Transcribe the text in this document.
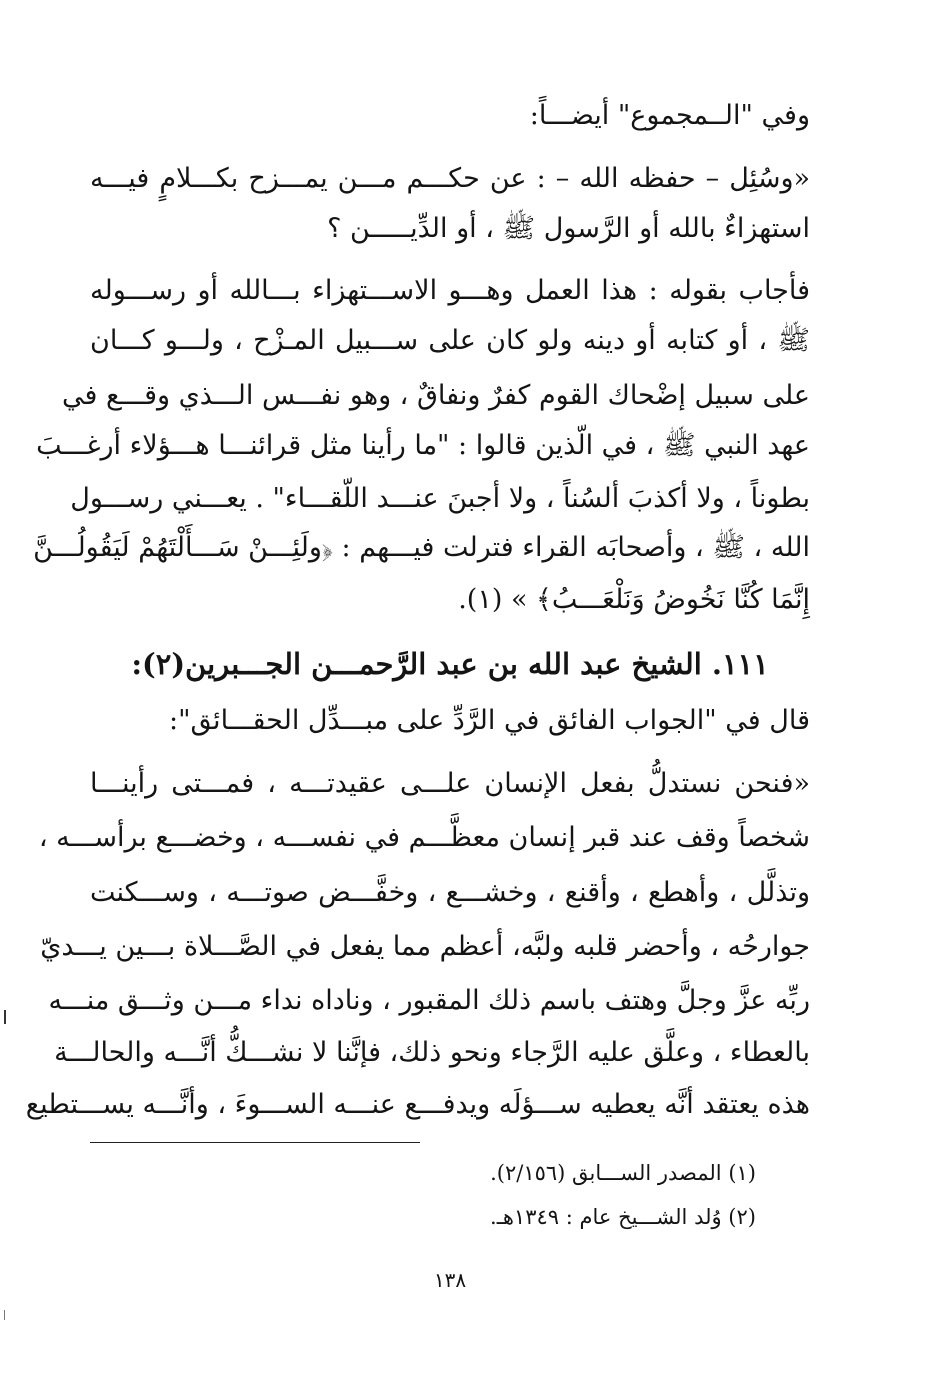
وفي "الــمجموع" أيضـــاً:
«وسُئِل – حفظه الله – : عن حكـــم مـــن يمـــزح بكـــلامٍ فيـــه
استهزاءٌ بالله أو الرَّسول ﷺ ، أو الدِّيـــــن ؟
فأجاب بقوله : هذا العمل وهـــو الاســـتهزاء بـــالله أو رســـوله
ﷺ ، أو كتابه أو دينه ولو كان على ســـبيل المـزْح ، ولـــو كـــان
على سبيل إضْحاك القوم كفرٌ ونفاقٌ ، وهو نفـــس الـــذي وقـــع في
عهد النبي ﷺ ، في الّذين قالوا : "ما رأينا مثل قرائنـــا هـــؤلاء أرغـــبَ
بطوناً ، ولا أكذبَ ألسُناً ، ولا أجبنَ عنـــد اللّقـــاء" . يعـــني رســـول
الله ، ﷺ ، وأصحابَه القراء فترلت فيـــهم : ﴿ولَئِـــنْ سَـــأَلْتَهُمْ لَيَقُولُـــنَّ
إِنَّمَا كُنَّا نَخُوضُ وَنَلْعَـــبُ﴾ » (١).
١١١. الشيخ عبد الله بن عبد الرَّحمـــن الجـــبرين(٢):
قال في "الجواب الفائق في الرَّدِّ على مبـــدِّل الحقـــائق":
«فنحن نستدلُّ بفعل الإنسان علـــى عقيدتـــه ، فمـــتى رأينـــا
شخصاً وقف عند قبر إنسان معظَّـــم في نفســـه ، وخضـــع برأســـه ،
وتذلَّل ، وأهطع ، وأقنع ، وخشـــع ، وخفَّـــض صوتـــه ، وســـكنت
جوارحُه ، وأحضر قلبه ولبَّه، أعظم مما يفعل في الصَّـــلاة بـــين يـــديّ
ربِّه عزَّ وجلَّ وهتف باسم ذلك المقبور ، وناداه نداء مـــن وثـــق منـــه
بالعطاء ، وعلَّق عليه الرَّجاء ونحو ذلك، فإنَّنا لا نشـــكُّ أنَّـــه والحالـــة
هذه يعتقد أنَّه يعطيه ســـؤلَه ويدفـــع عنـــه الســـوءَ ، وأنَّـــه يســـتطيع
(١) المصدر الســـابق (٢/١٥٦).
(٢) وُلد الشـــيخ عام : ١٣٤٩هـ.
١٣٨
